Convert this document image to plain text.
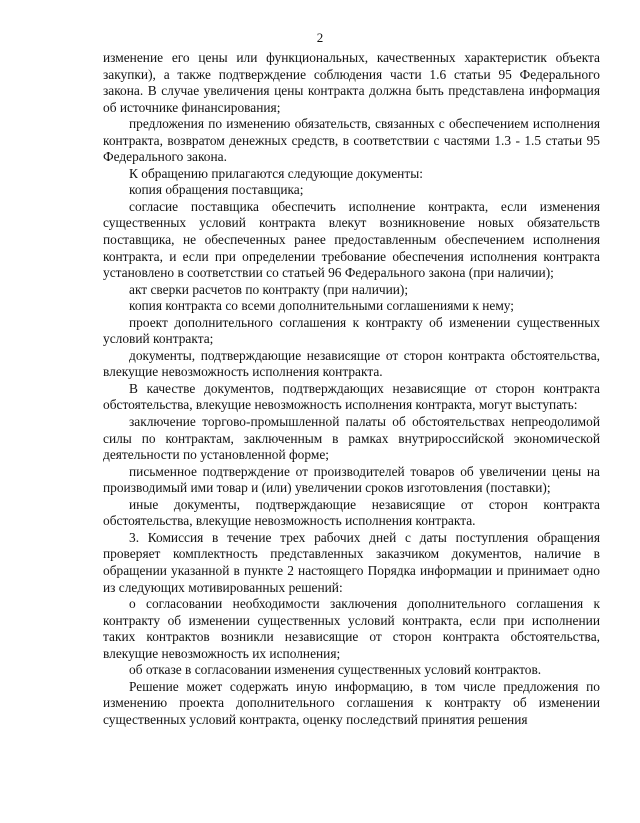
2

изменение его цены или функциональных, качественных характеристик объекта закупки), а также подтверждение соблюдения части 1.6 статьи 95 Федерального закона. В случае увеличения цены контракта должна быть представлена информация об источнике финансирования;

предложения по изменению обязательств, связанных с обеспечением исполнения контракта, возвратом денежных средств, в соответствии с частями 1.3 - 1.5 статьи 95 Федерального закона.

К обращению прилагаются следующие документы:

копия обращения поставщика;

согласие поставщика обеспечить исполнение контракта, если изменения существенных условий контракта влекут возникновение новых обязательств поставщика, не обеспеченных ранее предоставленным обеспечением исполнения контракта, и если при определении требование обеспечения исполнения контракта установлено в соответствии со статьей 96 Федерального закона (при наличии);

акт сверки расчетов по контракту (при наличии);

копия контракта со всеми дополнительными соглашениями к нему;

проект дополнительного соглашения к контракту об изменении существенных условий контракта;

документы, подтверждающие независящие от сторон контракта обстоятельства, влекущие невозможность исполнения контракта.

В качестве документов, подтверждающих независящие от сторон контракта обстоятельства, влекущие невозможность исполнения контракта, могут выступать:

заключение торгово-промышленной палаты об обстоятельствах непреодолимой силы по контрактам, заключенным в рамках внутрироссийской экономической деятельности по установленной форме;

письменное подтверждение от производителей товаров об увеличении цены на производимый ими товар и (или) увеличении сроков изготовления (поставки);

иные документы, подтверждающие независящие от сторон контракта обстоятельства, влекущие невозможность исполнения контракта.

3. Комиссия в течение трех рабочих дней с даты поступления обращения проверяет комплектность представленных заказчиком документов, наличие в обращении указанной в пункте 2 настоящего Порядка информации и принимает одно из следующих мотивированных решений:

о согласовании необходимости заключения дополнительного соглашения к контракту об изменении существенных условий контракта, если при исполнении таких контрактов возникли независящие от сторон контракта обстоятельства, влекущие невозможность их исполнения;

об отказе в согласовании изменения существенных условий контрактов.

Решение может содержать иную информацию, в том числе предложения по изменению проекта дополнительного соглашения к контракту об изменении существенных условий контракта, оценку последствий принятия решения
